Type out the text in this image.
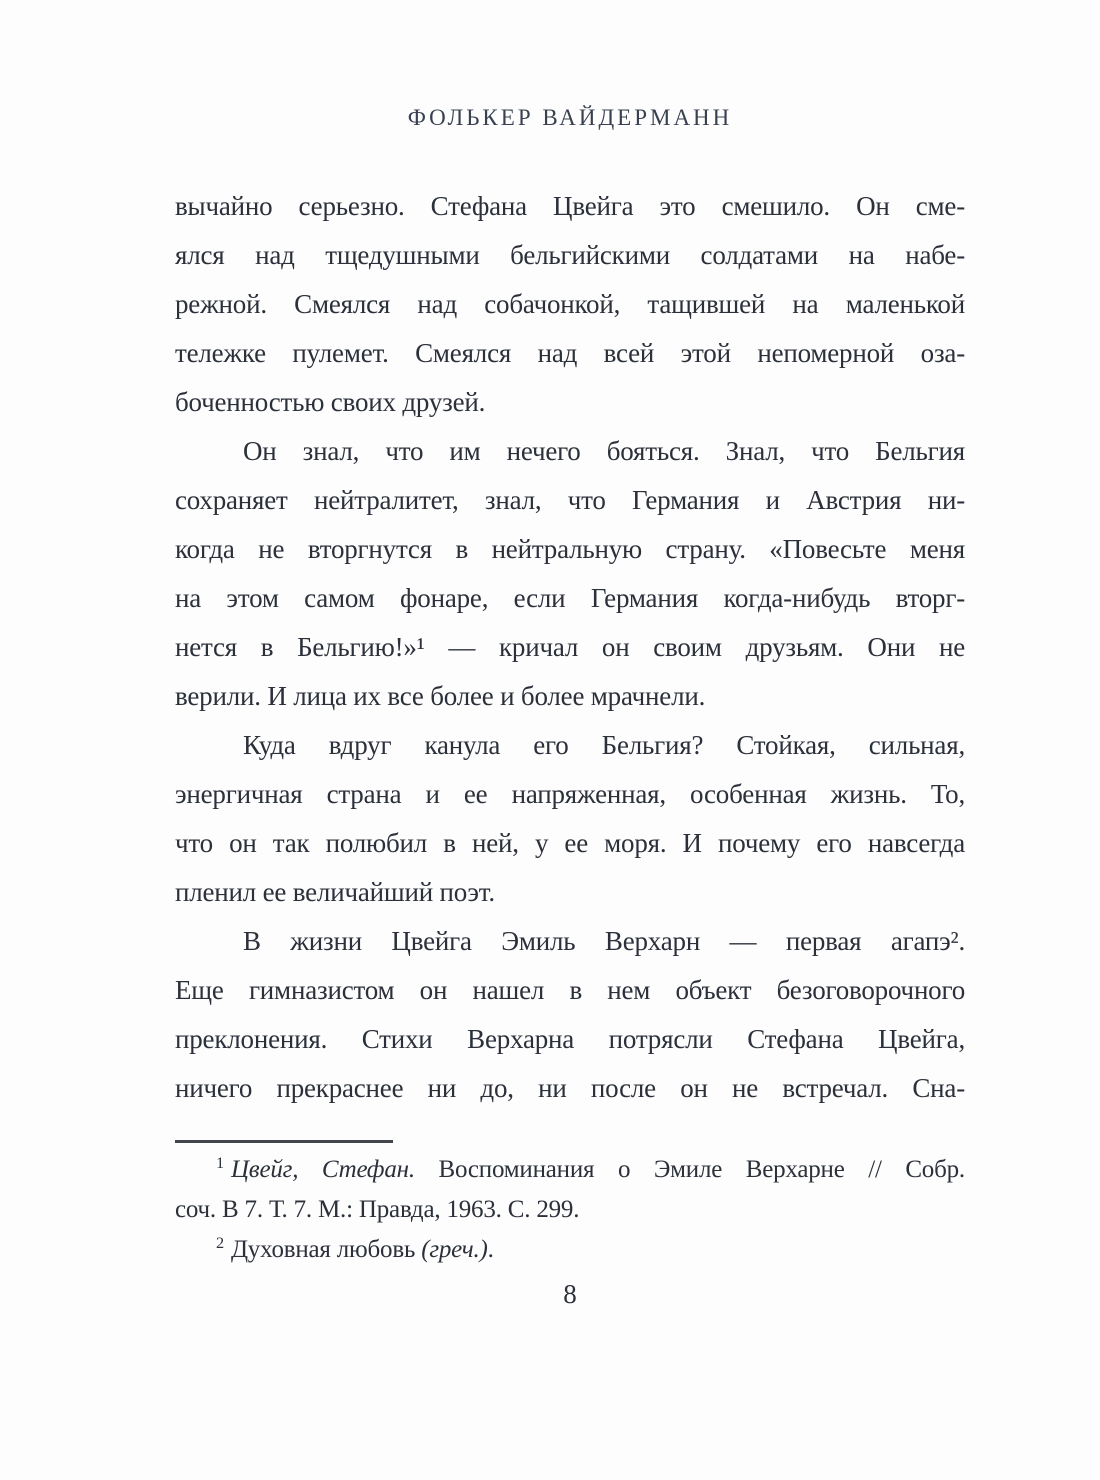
ФОЛЬКЕР ВАЙДЕРМАНН
вычайно серьезно. Стефана Цвейга это смешило. Он сме-
ялся над тщедушными бельгийскими солдатами на набе-
режной. Смеялся над собачонкой, тащившей на маленькой
тележке пулемет. Смеялся над всей этой непомерной оза-
боченностью своих друзей.
Он знал, что им нечего бояться. Знал, что Бельгия
сохраняет нейтралитет, знал, что Германия и Австрия ни-
когда не вторгнутся в нейтральную страну. «Повесьте меня
на этом самом фонаре, если Германия когда-нибудь вторг-
нется в Бельгию!»¹ — кричал он своим друзьям. Они не
верили. И лица их все более и более мрачнели.
Куда вдруг канула его Бельгия? Стойкая, сильная,
энергичная страна и ее напряженная, особенная жизнь. То,
что он так полюбил в ней, у ее моря. И почему его навсегда
пленил ее величайший поэт.
В жизни Цвейга Эмиль Верхарн — первая агапэ².
Еще гимназистом он нашел в нем объект безоговорочного
преклонения. Стихи Верхарна потрясли Стефана Цвейга,
ничего прекраснее ни до, ни после он не встречал. Сна-
$^1$ Цвейг, Стефан. Воспоминания о Эмиле Верхарне // Собр.
соч. В 7. Т. 7. М.: Правда, 1963. С. 299.
$^2$ Духовная любовь (греч.).
8
